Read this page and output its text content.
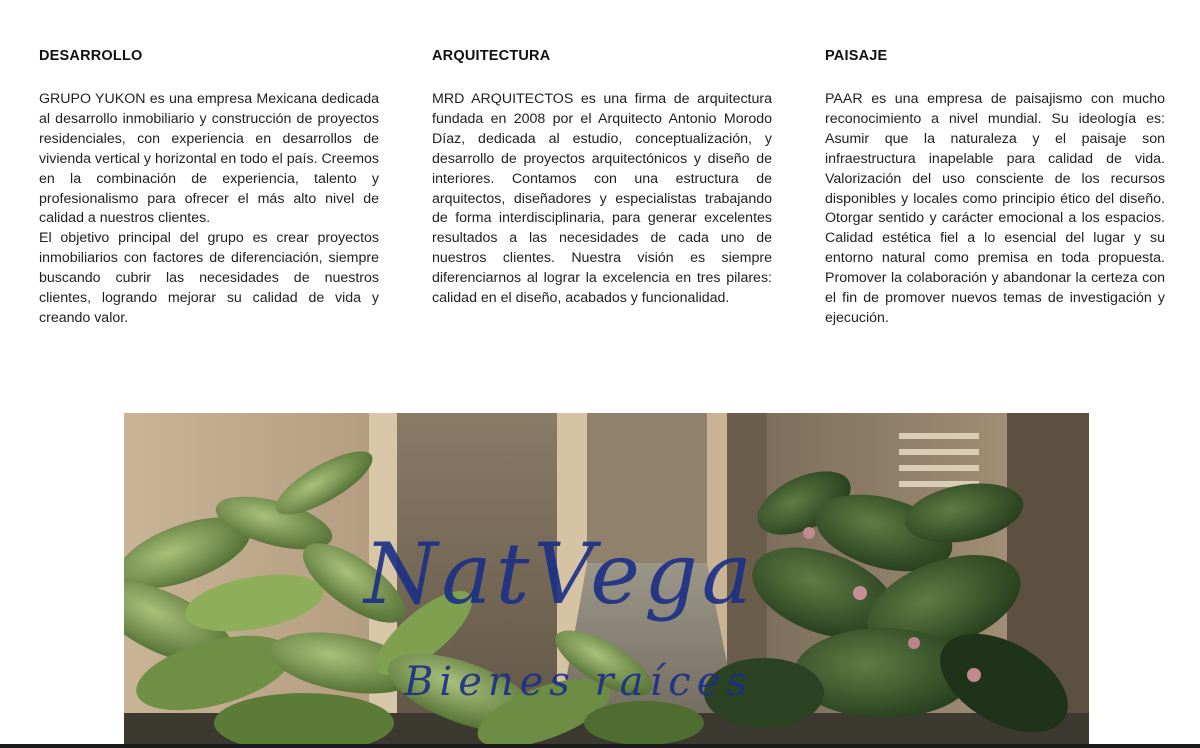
DESARROLLO

GRUPO YUKON es una empresa Mexicana dedicada al desarrollo inmobiliario y construcción de proyectos residenciales, con experiencia en desarrollos de vivienda vertical y horizontal en todo el país. Creemos en la combinación de experiencia, talento y profesionalismo para ofrecer el más alto nivel de calidad a nuestros clientes.

El objetivo principal del grupo es crear proyectos inmobiliarios con factores de diferenciación, siempre buscando cubrir las necesidades de nuestros clientes, logrando mejorar su calidad de vida y creando valor.

ARQUITECTURA

MRD ARQUITECTOS es una firma de arquitectura fundada en 2008 por el Arquitecto Antonio Morodo Díaz, dedicada al estudio, conceptualización, y desarrollo de proyectos arquitectónicos y diseño de interiores. Contamos con una estructura de arquitectos, diseñadores y especialistas trabajando de forma interdisciplinaria, para generar excelentes resultados a las necesidades de cada uno de nuestros clientes. Nuestra visión es siempre diferenciarnos al lograr la excelencia en tres pilares: calidad en el diseño, acabados y funcionalidad.

PAISAJE

PAAR es una empresa de paisajismo con mucho reconocimiento a nivel mundial. Su ideología es: Asumir que la naturaleza y el paisaje son infraestructura inapelable para calidad de vida. Valorización del uso consciente de los recursos disponibles y locales como principio ético del diseño. Otorgar sentido y carácter emocional a los espacios. Calidad estética fiel a lo esencial del lugar y su entorno natural como premisa en toda propuesta. Promover la colaboración y abandonar la certeza con el fin de promover nuevos temas de investigación y ejecución.

NatVega
Bienes raíces
